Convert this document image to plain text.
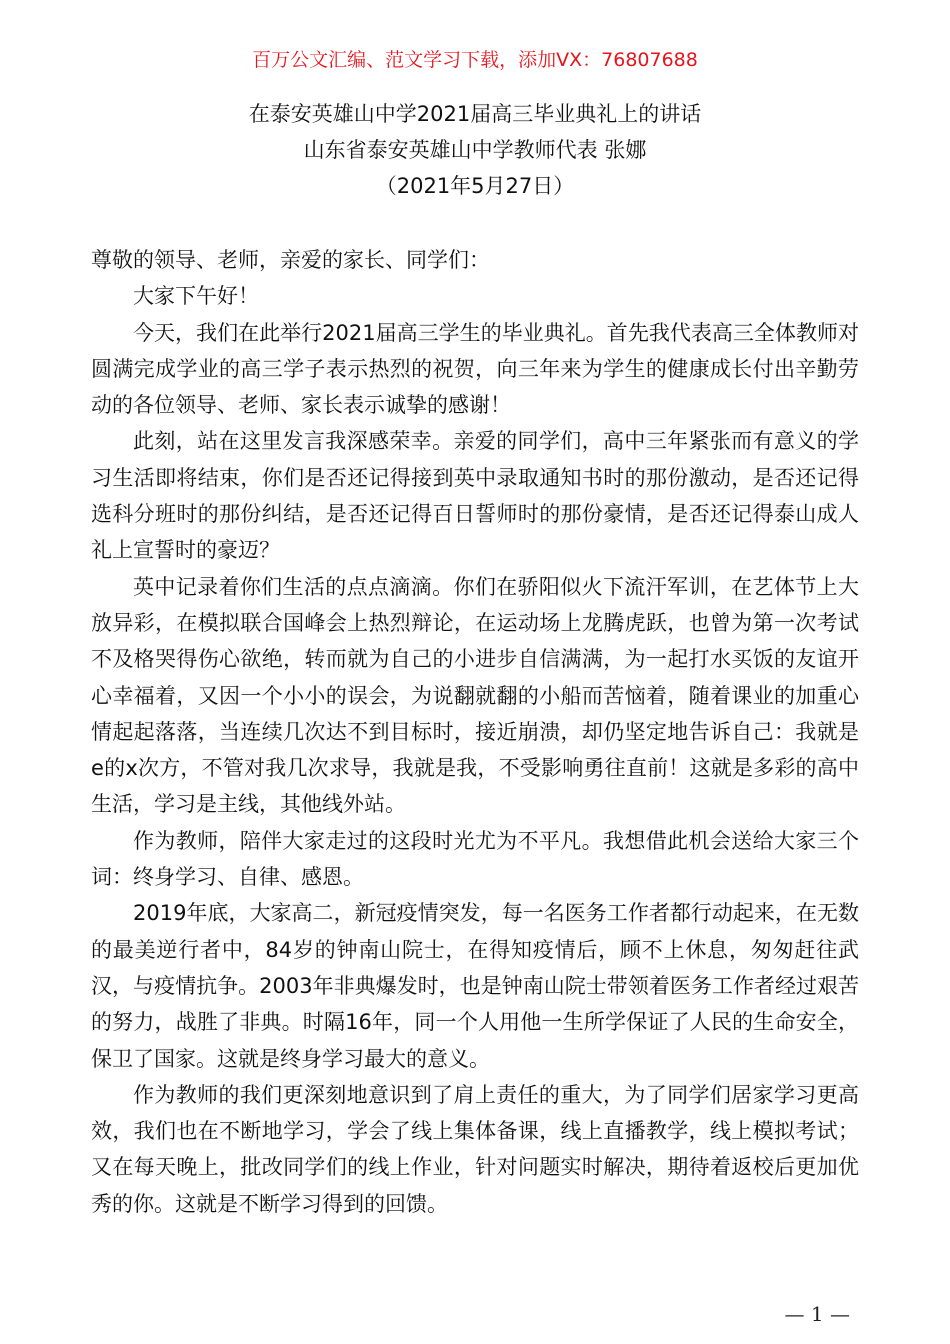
百万公文汇编、范文学习下载，添加VX：76807688
在泰安英雄山中学2021届高三毕业典礼上的讲话
山东省泰安英雄山中学教师代表 张娜
（2021年5月27日）

尊敬的领导、老师，亲爱的家长、同学们：

大家下午好！

今天，我们在此举行2021届高三学生的毕业典礼。首先我代表高三全体教师对圆满完成学业的高三学子表示热烈的祝贺，向三年来为学生的健康成长付出辛勤劳动的各位领导、老师、家长表示诚挚的感谢！

此刻，站在这里发言我深感荣幸。亲爱的同学们，高中三年紧张而有意义的学习生活即将结束，你们是否还记得接到英中录取通知书时的那份激动，是否还记得选科分班时的那份纠结，是否还记得百日誓师时的那份豪情，是否还记得泰山成人礼上宣誓时的豪迈？

英中记录着你们生活的点点滴滴。你们在骄阳似火下流汗军训，在艺体节上大放异彩，在模拟联合国峰会上热烈辩论，在运动场上龙腾虎跃，也曾为第一次考试不及格哭得伤心欲绝，转而就为自己的小进步自信满满，为一起打水买饭的友谊开心幸福着，又因一个小小的误会，为说翻就翻的小船而苦恼着，随着课业的加重心情起起落落，当连续几次达不到目标时，接近崩溃，却仍坚定地告诉自己：我就是e的x次方，不管对我几次求导，我就是我，不受影响勇往直前！这就是多彩的高中生活，学习是主线，其他线外站。

作为教师，陪伴大家走过的这段时光尤为不平凡。我想借此机会送给大家三个词：终身学习、自律、感恩。

2019年底，大家高二，新冠疫情突发，每一名医务工作者都行动起来，在无数的最美逆行者中，84岁的钟南山院士，在得知疫情后，顾不上休息，匆匆赶往武汉，与疫情抗争。2003年非典爆发时，也是钟南山院士带领着医务工作者经过艰苦的努力，战胜了非典。时隔16年，同一个人用他一生所学保证了人民的生命安全，保卫了国家。这就是终身学习最大的意义。

作为教师的我们更深刻地意识到了肩上责任的重大，为了同学们居家学习更高效，我们也在不断地学习，学会了线上集体备课，线上直播教学，线上模拟考试；又在每天晚上，批改同学们的线上作业，针对问题实时解决，期待着返校后更加优秀的你。这就是不断学习得到的回馈。

— 1 —
